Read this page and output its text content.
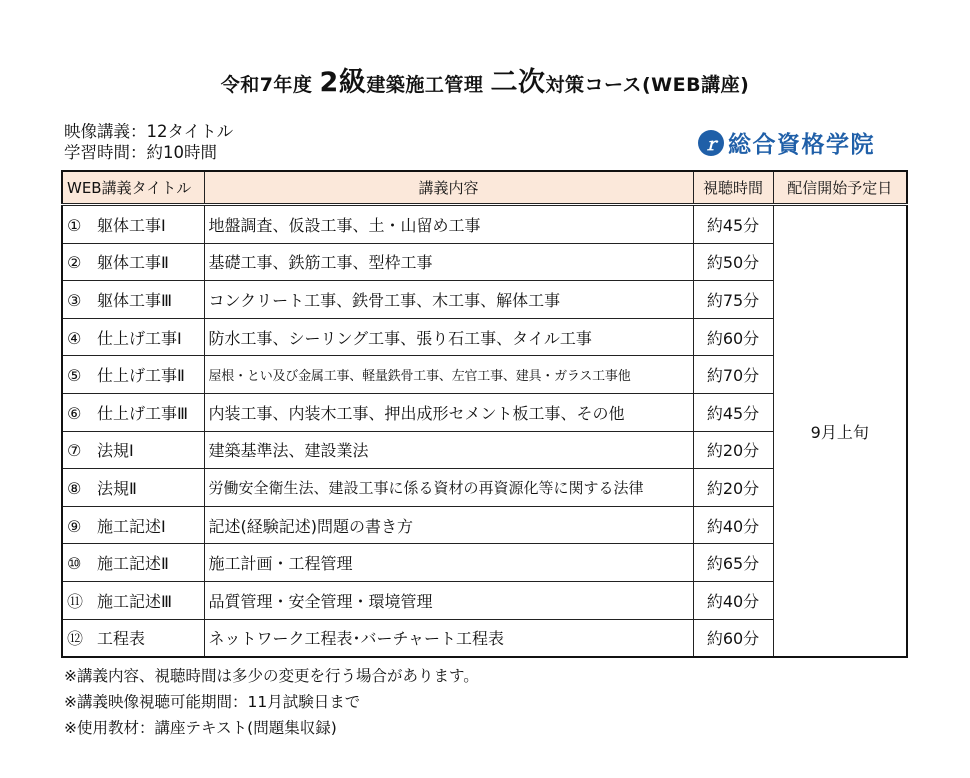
令和7年度 2級建築施工管理 二次対策コース(WEB講座)
映像講義：12タイトル
学習時間：約10時間	ｒ 総合資格学院
WEB講義タイトル	講義内容	視聴時間	配信開始予定日
① 躯体工事Ⅰ	地盤調査、仮設工事、土・山留め工事	約45分	9月上旬
② 躯体工事Ⅱ	基礎工事、鉄筋工事、型枠工事	約50分	
③ 躯体工事Ⅲ	コンクリート工事、鉄骨工事、木工事、解体工事	約75分	
④ 仕上げ工事Ⅰ	防水工事、シーリング工事、張り石工事、タイル工事	約60分	
⑤ 仕上げ工事Ⅱ	屋根・とい及び金属工事、軽量鉄骨工事、左官工事、建具・ガラス工事他	約70分	
⑥ 仕上げ工事Ⅲ	内装工事、内装木工事、押出成形セメント板工事、その他	約45分	
⑦ 法規Ⅰ	建築基準法、建設業法	約20分	
⑧ 法規Ⅱ	労働安全衛生法、建設工事に係る資材の再資源化等に関する法律	約20分	
⑨ 施工記述Ⅰ	記述(経験記述)問題の書き方	約40分	
⑩ 施工記述Ⅱ	施工計画・工程管理	約65分	
⑪ 施工記述Ⅲ	品質管理・安全管理・環境管理	約40分	
⑫ 工程表	ネットワーク工程表･バーチャート工程表	約60分	
※講義内容、視聴時間は多少の変更を行う場合があります。
※講義映像視聴可能期間：11月試験日まで
※使用教材：講座テキスト(問題集収録)
